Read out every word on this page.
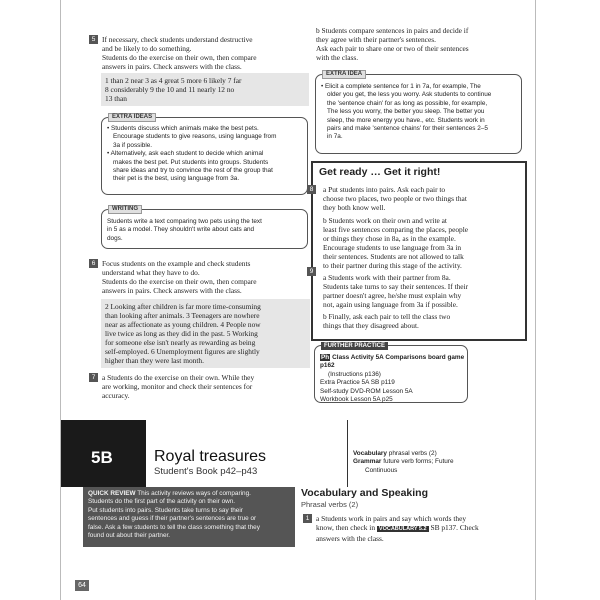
5 If necessary, check students understand destructive

and be likely to do something.

Students do the exercise on their own, then compare

answers in pairs. Check answers with the class.

1 than 2 near 3 as 4 great 5 more 6 likely 7 far

8 considerably 9 the 10 and 11 nearly 12 no

13 than

EXTRA IDEAS

• Students discuss which animals make the best pets.

Encourage students to give reasons, using language from

3a if possible.

• Alternatively, ask each student to decide which animal

makes the best pet. Put students into groups. Students

share ideas and try to convince the rest of the group that

their pet is the best, using language from 3a.

WRITING

Students write a text comparing two pets using the text

in 5 as a model. They shouldn't write about cats and

dogs.

6 Focus students on the example and check students

understand what they have to do.

Students do the exercise on their own, then compare

answers in pairs. Check answers with the class.

2 Looking after children is far more time-consuming

than looking after animals. 3 Teenagers are nowhere

near as affectionate as young children. 4 People now

live twice as long as they did in the past. 5 Working

for someone else isn't nearly as rewarding as being

self-employed. 6 Unemployment figures are slightly

higher than they were last month.

7 a Students do the exercise on their own. While they

are working, monitor and check their sentences for

accuracy.

b Students compare sentences in pairs and decide if

they agree with their partner's sentences.

Ask each pair to share one or two of their sentences

with the class.

EXTRA IDEA

• Elicit a complete sentence for 1 in 7a, for example, The

older you get, the less you worry. Ask students to continue

the 'sentence chain' for as long as possible, for example,

The less you worry, the better you sleep. The better you

sleep, the more energy you have., etc. Students work in

pairs and make 'sentence chains' for their sentences 2–5

in 7a.

Get ready … Get it right!
8	a Put students into pairs. Ask each pair to

choose two places, two people or two things that

they both know well.

b Students work on their own and write at

least five sentences comparing the places, people

or things they chose in 8a, as in the example.

Encourage students to use language from 3a in

their sentences. Students are not allowed to talk

to their partner during this stage of the activity.

a Students work with their partner from 8a.

Students take turns to say their sentences. If their

partner doesn't agree, he/she must explain why

not, again using language from 3a if possible.

b Finally, ask each pair to tell the class two

things that they disagreed about.

9
FURTHER PRACTICE

Ph Class Activity 5A Comparisons board game p162

(Instructions p136)

Extra Practice 5A SB p119

Self-study DVD-ROM Lesson 5A

Workbook Lesson 5A p25

5B	Royal treasures
Student's Book p42–p43

Vocabulary phrasal verbs (2)

Grammar future verb forms; Future

Continuous

QUICK REVIEW This activity reviews ways of comparing.

Students do the first part of the activity on their own.

Put students into pairs. Students take turns to say their

sentences and guess if their partner's sentences are true or

false. Ask a few students to tell the class something that they

found out about their partner.

Vocabulary and Speaking
Phrasal verbs (2)
1 a Students work in pairs and say which words they

know, then check in VOCABULARY 5.2 SB p137. Check

answers with the class.

64
